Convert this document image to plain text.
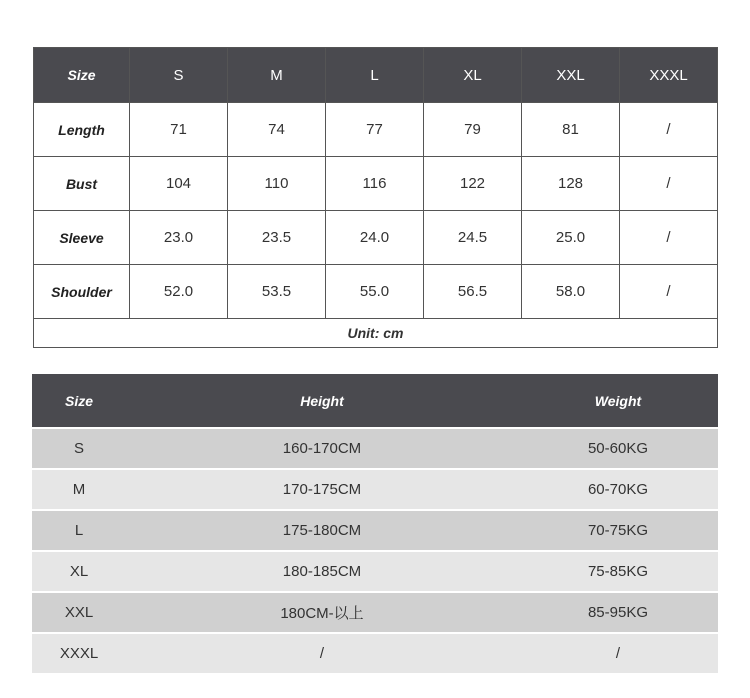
Size	S	M	L	XL	XXL	XXXL
Length	71	74	77	79	81	/
Bust	104	110	116	122	128	/
Sleeve	23.0	23.5	24.0	24.5	25.0	/
Shoulder	52.0	53.5	55.0	56.5	58.0	/
Unit: cm						
Size	Height	Weight
S	160-170CM	50-60KG
M	170-175CM	60-70KG
L	175-180CM	70-75KG
XL	180-185CM	75-85KG
XXL	180CM-以上	85-95KG
XXXL	/	/
